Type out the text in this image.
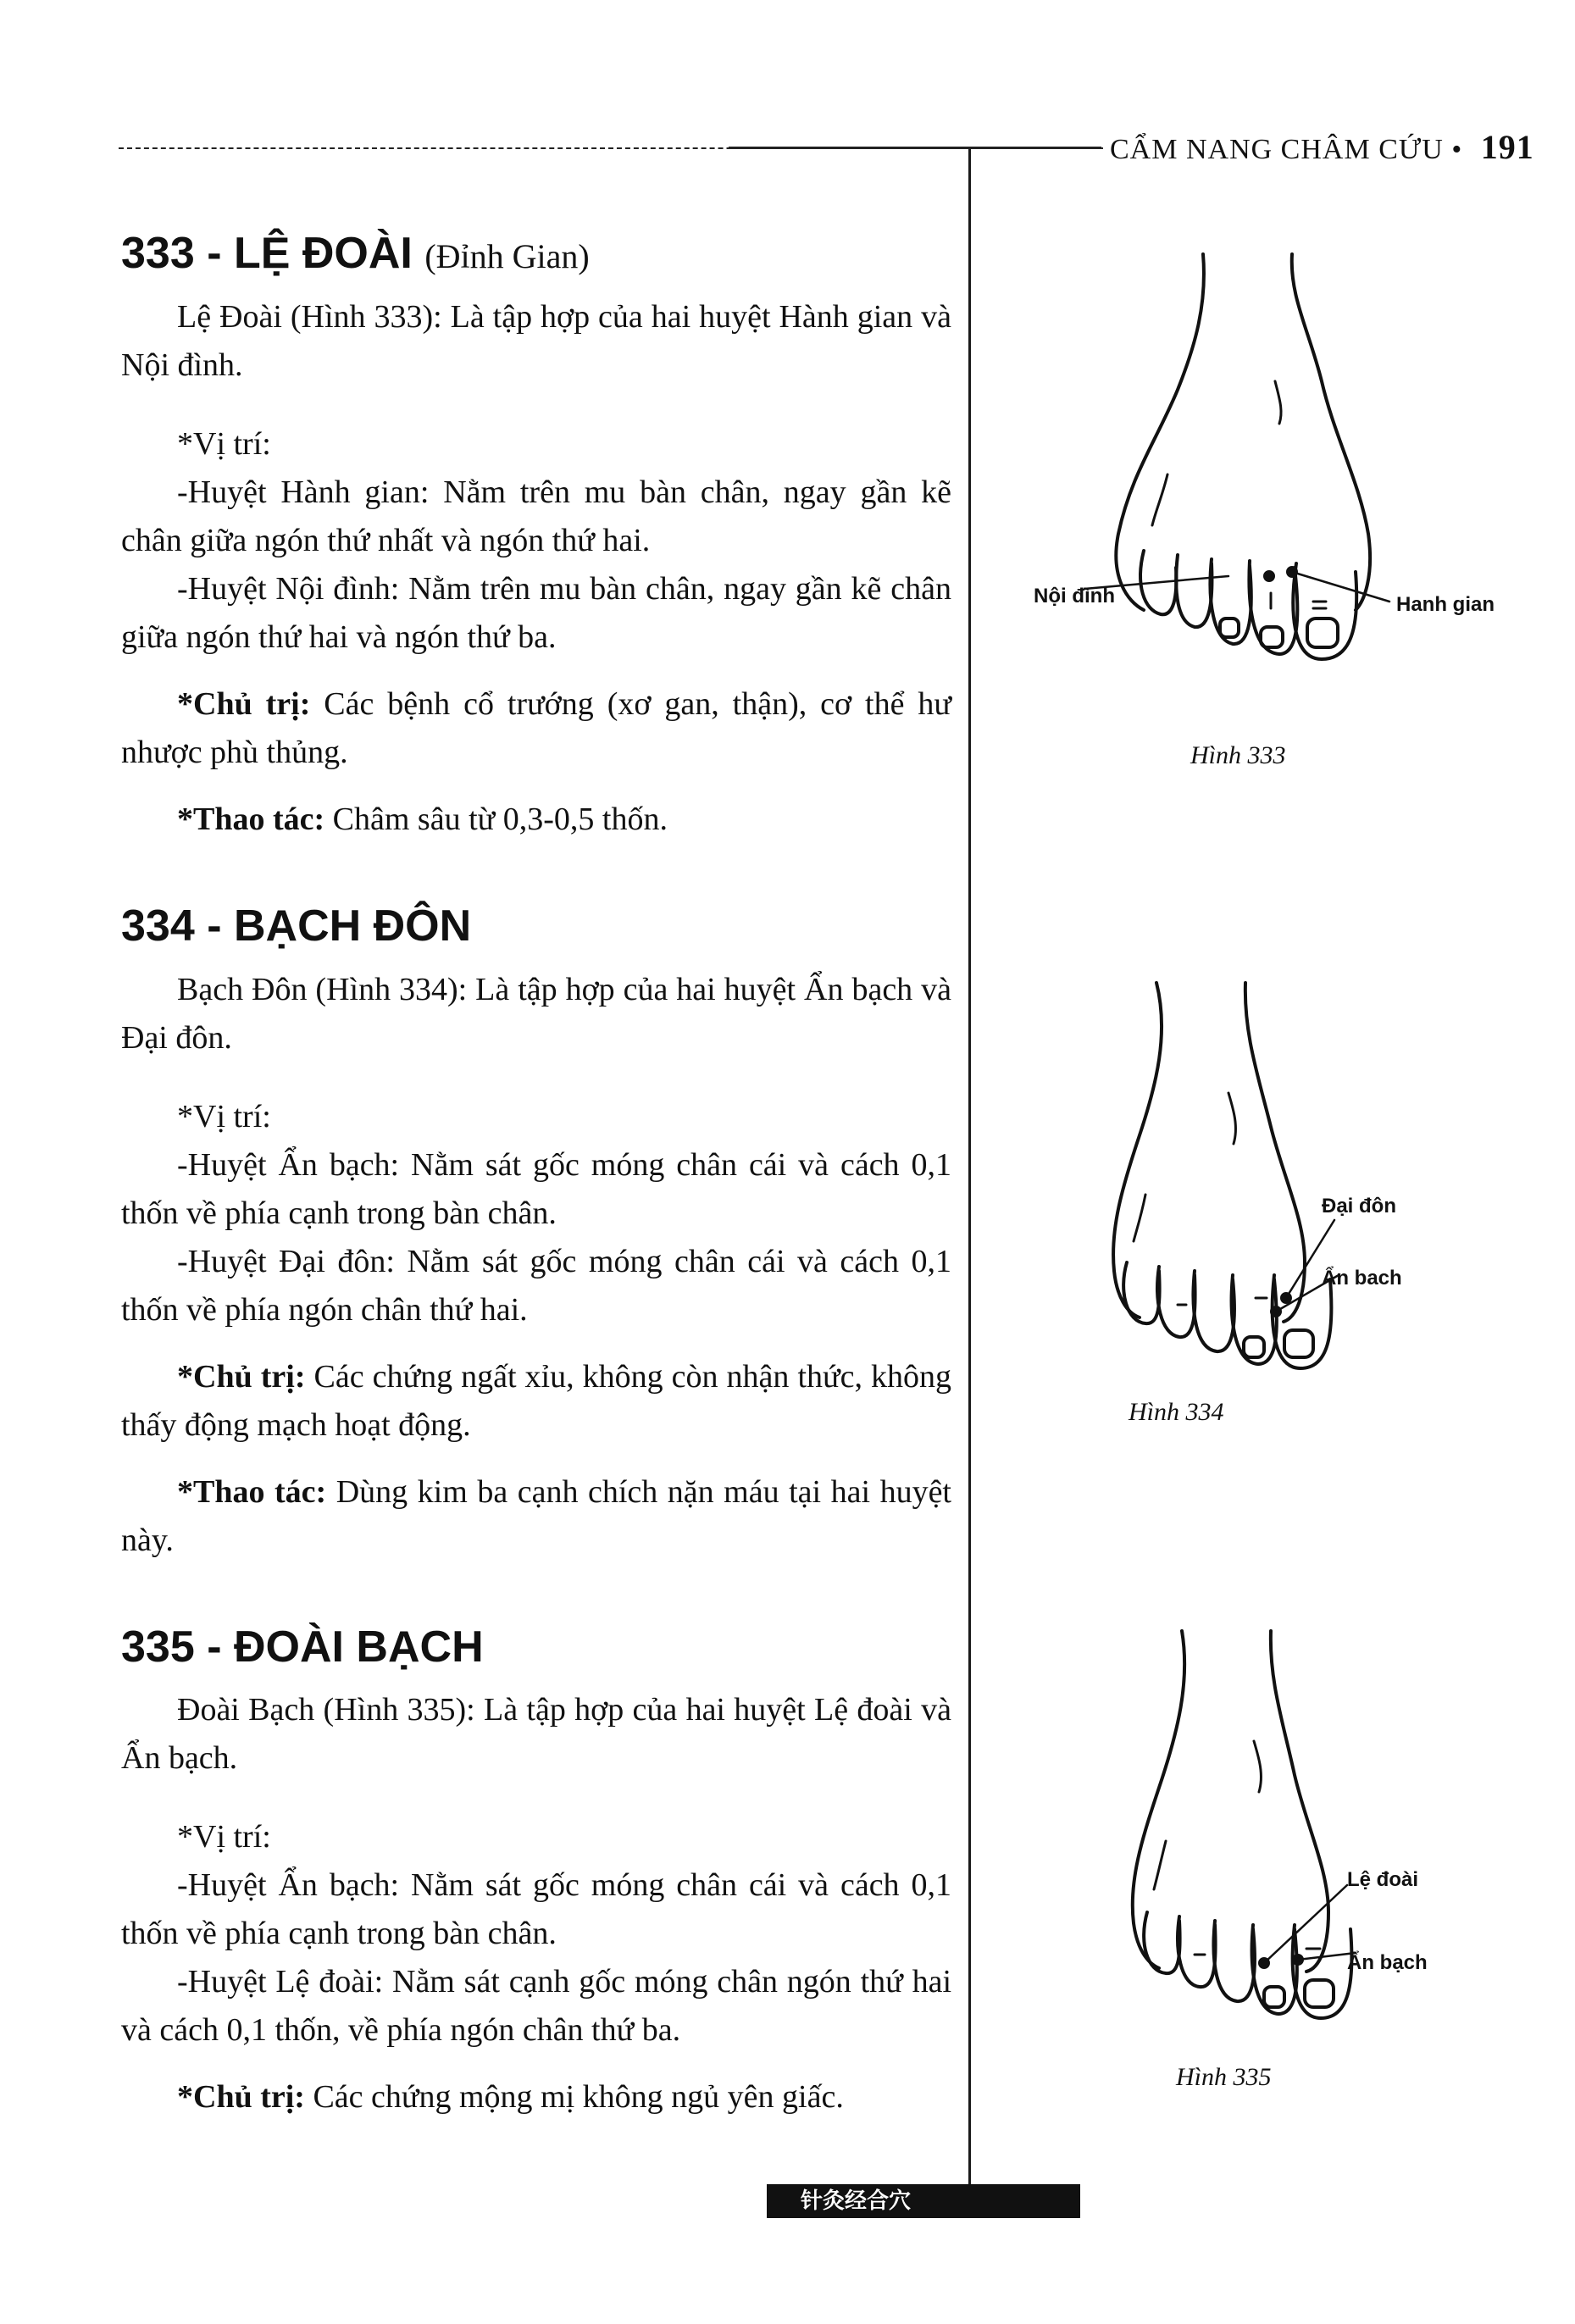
CẨM NANG CHÂM CỨU • 191
333 - LỆ ĐOÀI (Đỉnh Gian)

Lệ Đoài (Hình 333): Là tập hợp của hai huyệt Hành gian và Nội đình.

*Vị trí:

-Huyệt Hành gian: Nằm trên mu bàn chân, ngay gần kẽ chân giữa ngón thứ nhất và ngón thứ hai.

-Huyệt Nội đình: Nằm trên mu bàn chân, ngay gần kẽ chân giữa ngón thứ hai và ngón thứ ba.

*Chủ trị: Các bệnh cổ trướng (xơ gan, thận), cơ thể hư nhược phù thủng.

*Thao tác: Châm sâu từ 0,3-0,5 thốn.

334 - BẠCH ĐÔN

Bạch Đôn (Hình 334): Là tập hợp của hai huyệt Ẩn bạch và Đại đôn.

*Vị trí:

-Huyệt Ẩn bạch: Nằm sát gốc móng chân cái và cách 0,1 thốn về phía cạnh trong bàn chân.

-Huyệt Đại đôn: Nằm sát gốc móng chân cái và cách 0,1 thốn về phía ngón chân thứ hai.

*Chủ trị: Các chứng ngất xỉu, không còn nhận thức, không thấy động mạch hoạt động.

*Thao tác: Dùng kim ba cạnh chích nặn máu tại hai huyệt này.

335 - ĐOÀI BẠCH

Đoài Bạch (Hình 335): Là tập hợp của hai huyệt Lệ đoài và Ẩn bạch.

*Vị trí:

-Huyệt Ẩn bạch: Nằm sát gốc móng chân cái và cách 0,1 thốn về phía cạnh trong bàn chân.

-Huyệt Lệ đoài: Nằm sát cạnh gốc móng chân ngón thứ hai và cách 0,1 thốn, về phía ngón chân thứ ba.

*Chủ trị: Các chứng mộng mị không ngủ yên giấc.

Nội đình	Hanh gian
Hình 333
Đại đôn
Ẩn bach
Hình 334
Lệ đoài
Ẩn bạch
Hình 335
针灸经合穴
